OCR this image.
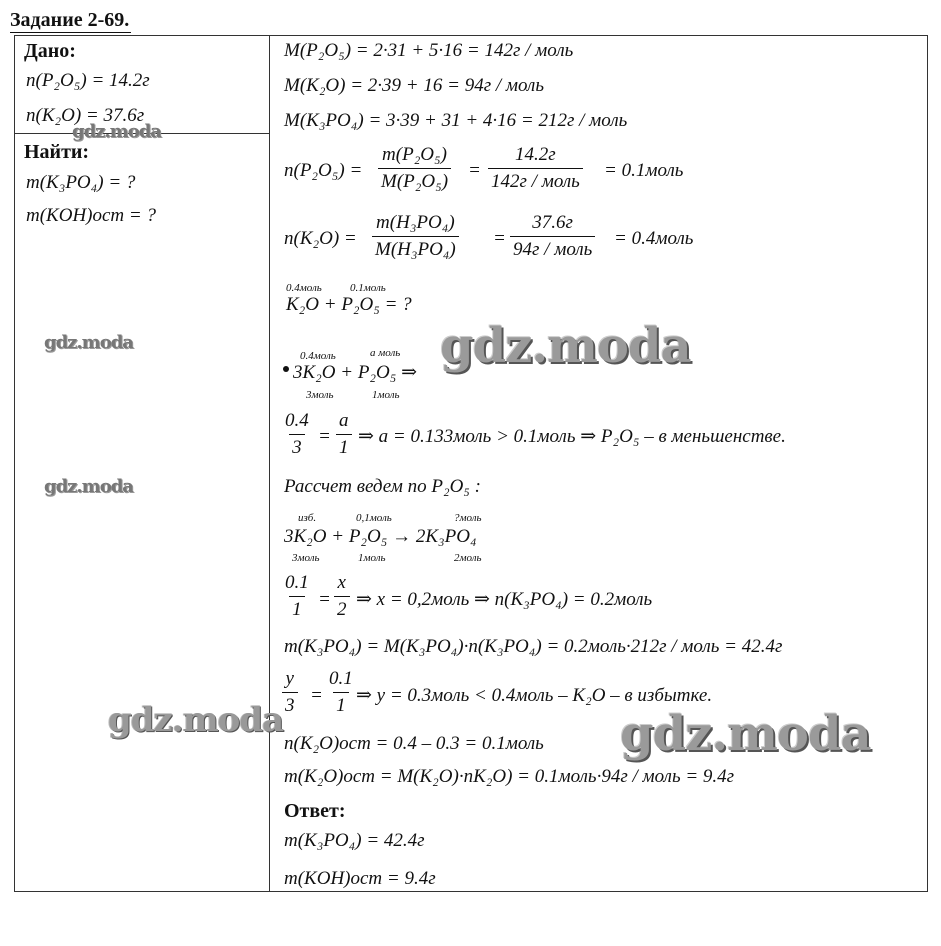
Задание 2-69.
Дано:
n(P₂O₅) = 14.2г
n(K₂O) = 37.6г
Найти:
m(K₃PO₄) = ?
m(KOH)ост = ?
M(P₂O₅) = 2·31 + 5·16 = 142г / моль
M(K₂O) = 2·39 + 16 = 94г / моль
M(K₃PO₄) = 3·39 + 31 + 4·16 = 212г / моль
$n(P_2O_5) = \frac{\text{m(P₂O₅)}}{\text{M(P₂O₅)}}$ =
14.2г
142г / моль
= 0.1моль
$n(K_2O) = \frac{\text{m(H₃PO₄)}}{\text{M(H₃PO₄)}}$ =
37.6г
94г / моль
= 0.4моль
0.4моль	0.1моль
K₂O + P₂O₅ = ?
0.4моль	a моль
3K₂O + P₂O₅ ⇒
3моль	1моль
$\frac{0.4}{3} = \frac{a}{1}$ ⇒ a = 0.133моль > 0.1моль ⇒ P₂O₅ – в меньшенстве.
Рассчет ведем по P₂O₅ :
изб.	0,1моль	?моль
3K₂O + P₂O₅ → 2K₃PO₄
3моль	1моль	2моль
$\frac{0.1}{1} = \frac{x}{2}$ ⇒ x = 0,2моль ⇒ n(K₃PO₄) = 0.2моль
m(K₃PO₄) = M(K₃PO₄)·n(K₃PO₄) = 0.2моль·212г / моль = 42.4г
$\frac{y}{3} = \frac{0.1}{1}$ ⇒ y = 0.3моль < 0.4моль – K₂O – в избытке.
n(K₂O)ост = 0.4 – 0.3 = 0.1моль
m(K₂O)ост = M(K₂O)·nK₂O) = 0.1моль·94г / моль = 9.4г
Ответ:
m(K₃PO₄) = 42.4г
m(KOH)ост = 9.4г
gdz.moda
gdz.moda
gdz.moda
gdz.moda
gdz.moda	gdz.moda
